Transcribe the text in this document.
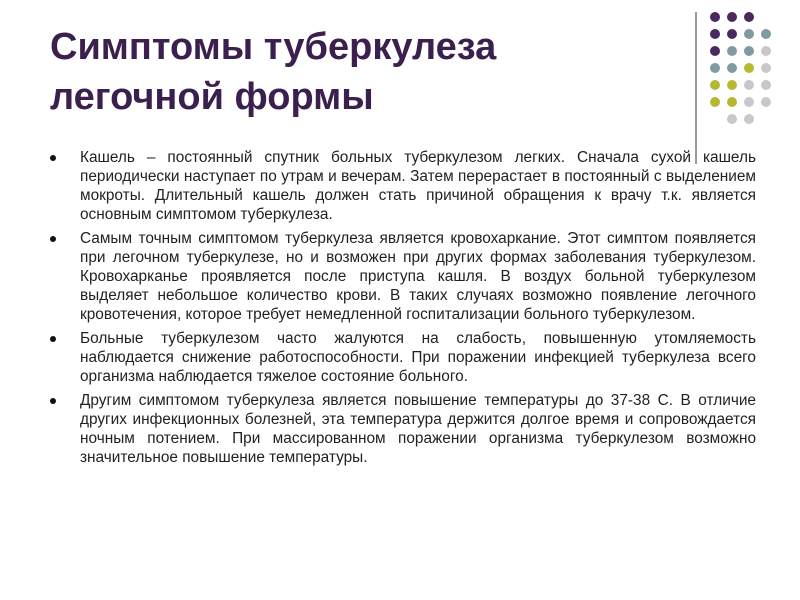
Симптомы туберкулеза
легочной формы
Кашель – постоянный спутник больных туберкулезом легких. Сначала сухой кашель периодически наступает по утрам и вечерам. Затем перерастает в постоянный с выделением мокроты. Длительный кашель должен стать причиной обращения к врачу т.к. является основным симптомом туберкулеза.
Самым точным симптомом туберкулеза является кровохаркание. Этот симптом появляется при легочном туберкулезе, но и возможен при других формах заболевания туберкулезом. Кровохарканье проявляется после приступа кашля. В воздух больной туберкулезом выделяет небольшое количество крови. В таких случаях возможно появление легочного кровотечения, которое требует немедленной госпитализации больного туберкулезом.
Больные туберкулезом часто жалуются на слабость, повышенную утомляемость наблюдается снижение работоспособности. При поражении инфекцией туберкулеза всего организма наблюдается тяжелое состояние больного.
Другим симптомом туберкулеза является повышение температуры до 37-38 С. В отличие других инфекционных болезней, эта температура держится долгое время и сопровождается ночным потением. При массированном поражении организма туберкулезом возможно значительное повышение температуры.
